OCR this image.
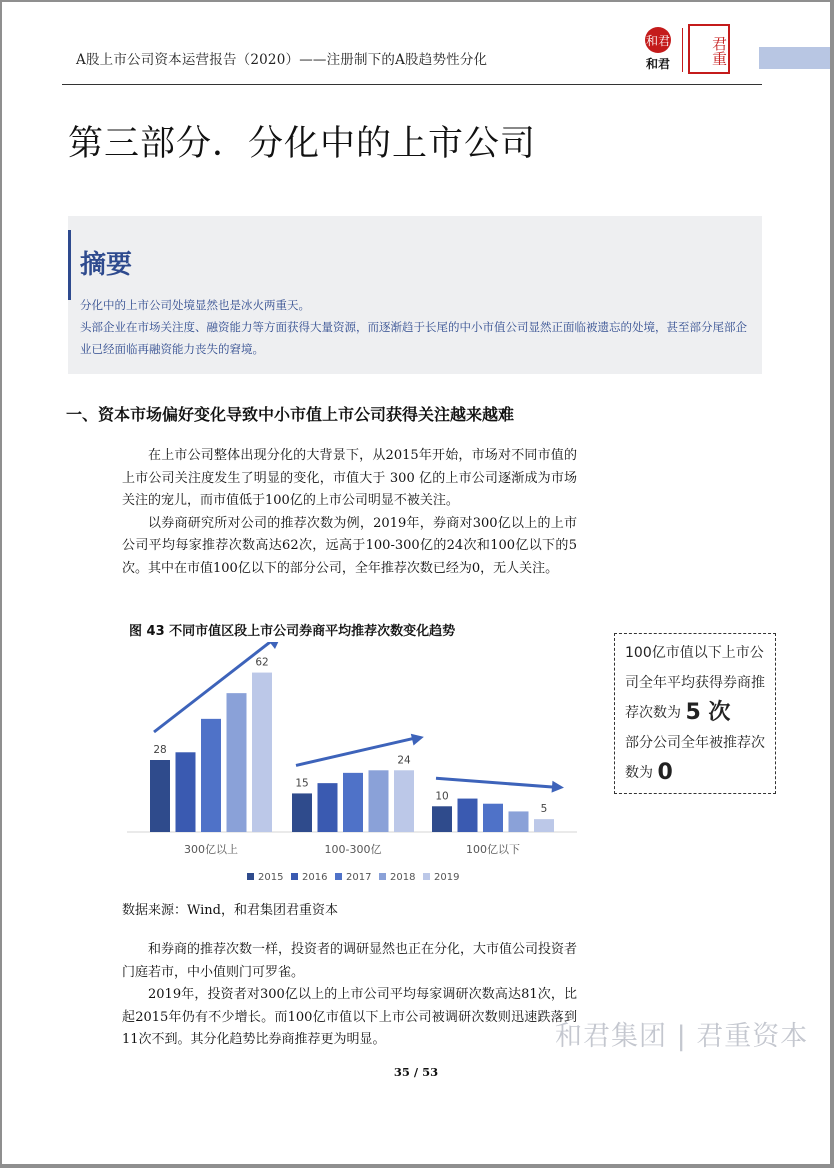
A股上市公司资本运营报告（2020）——注册制下的A股趋势性分化
和君
和君	君重
第三部分．分化中的上市公司
摘要
分化中的上市公司处境显然也是冰火两重天。
头部企业在市场关注度、融资能力等方面获得大量资源，而逐渐趋于长尾的中小市值公司显然正面临被遗忘的处境，甚至部分尾部企业已经面临再融资能力丧失的窘境。
一、资本市场偏好变化导致中小市值上市公司获得关注越来越难

在上市公司整体出现分化的大背景下，从2015年开始，市场对不同市值的上市公司关注度发生了明显的变化，市值大于 300 亿的上市公司逐渐成为市场关注的宠儿，而市值低于100亿的上市公司明显不被关注。

以券商研究所对公司的推荐次数为例，2019年，券商对300亿以上的上市公司平均每家推荐次数高达62次，远高于100-300亿的24次和100亿以下的5次。其中在市值100亿以下的部分公司，全年推荐次数已经为0，无人关注。

图 43 不同市值区段上市公司券商平均推荐次数变化趋势
300亿以上	100-300亿	100亿以下
28
62
15
24
10
5
2015 2016 2017 2018 2019
100亿市值以下上市公司全年平均获得券商推荐次数为 5 次
部分公司全年被推荐次数为 0
数据来源：Wind，和君集团君重资本

和券商的推荐次数一样，投资者的调研显然也正在分化，大市值公司投资者门庭若市，中小值则门可罗雀。

2019年，投资者对300亿以上的上市公司平均每家调研次数高达81次，比起2015年仍有不少增长。而100亿市值以下上市公司被调研次数则迅速跌落到11次不到。其分化趋势比券商推荐更为明显。	和君集团 | 君重资本
35 / 53
